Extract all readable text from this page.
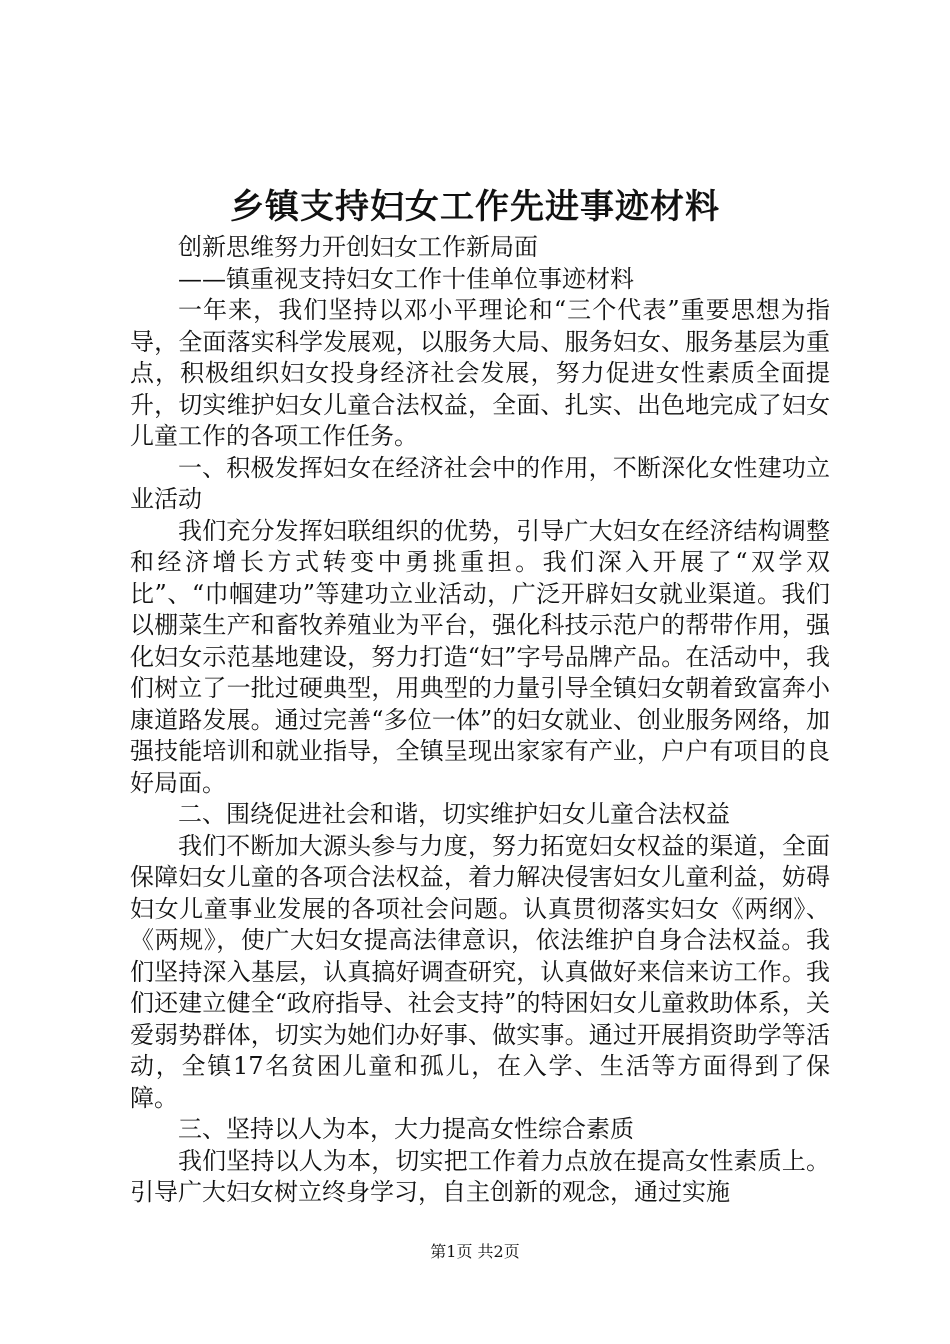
乡镇支持妇女工作先进事迹材料

创新思维努力开创妇女工作新局面

——镇重视支持妇女工作十佳单位事迹材料

一年来，我们坚持以邓小平理论和“三个代表”重要思想为指导，全面落实科学发展观，以服务大局、服务妇女、服务基层为重点，积极组织妇女投身经济社会发展，努力促进女性素质全面提升，切实维护妇女儿童合法权益，全面、扎实、出色地完成了妇女儿童工作的各项工作任务。

一、积极发挥妇女在经济社会中的作用，不断深化女性建功立业活动

我们充分发挥妇联组织的优势，引导广大妇女在经济结构调整和经济增长方式转变中勇挑重担。我们深入开展了“双学双比”、“巾帼建功”等建功立业活动，广泛开辟妇女就业渠道。我们以棚菜生产和畜牧养殖业为平台，强化科技示范户的帮带作用，强化妇女示范基地建设，努力打造“妇”字号品牌产品。在活动中，我们树立了一批过硬典型，用典型的力量引导全镇妇女朝着致富奔小康道路发展。通过完善“多位一体”的妇女就业、创业服务网络，加强技能培训和就业指导，全镇呈现出家家有产业，户户有项目的良好局面。

二、围绕促进社会和谐，切实维护妇女儿童合法权益

我们不断加大源头参与力度，努力拓宽妇女权益的渠道，全面保障妇女儿童的各项合法权益，着力解决侵害妇女儿童利益，妨碍妇女儿童事业发展的各项社会问题。认真贯彻落实妇女《两纲》、《两规》，使广大妇女提高法律意识，依法维护自身合法权益。我们坚持深入基层，认真搞好调查研究，认真做好来信来访工作。我们还建立健全“政府指导、社会支持”的特困妇女儿童救助体系，关爱弱势群体，切实为她们办好事、做实事。通过开展捐资助学等活动，全镇17名贫困儿童和孤儿，在入学、生活等方面得到了保障。

三、坚持以人为本，大力提高女性综合素质

我们坚持以人为本，切实把工作着力点放在提高女性素质上。引导广大妇女树立终身学习，自主创新的观念，通过实施

第1页 共2页
